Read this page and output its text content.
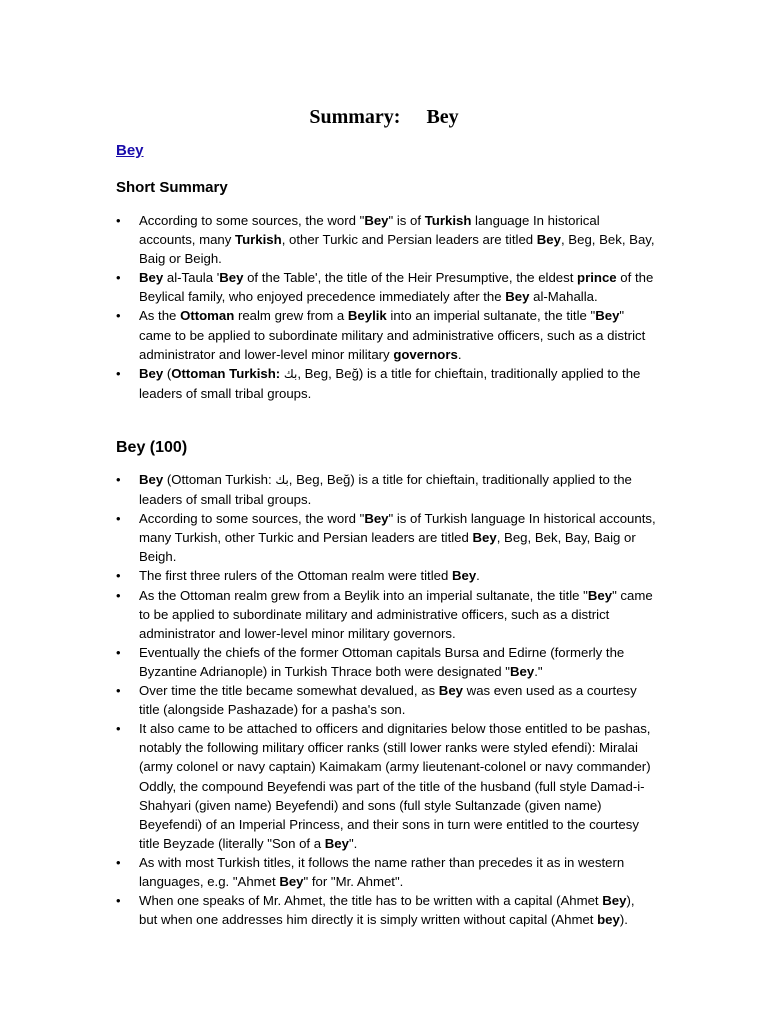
Summary: Bey
Bey
Short Summary
• According to some sources, the word "Bey" is of Turkish language In historical accounts, many Turkish, other Turkic and Persian leaders are titled Bey, Beg, Bek, Bay, Baig or Beigh.
• Bey al-Taula 'Bey of the Table', the title of the Heir Presumptive, the eldest prince of the Beylical family, who enjoyed precedence immediately after the Bey al-Mahalla.
• As the Ottoman realm grew from a Beylik into an imperial sultanate, the title "Bey" came to be applied to subordinate military and administrative officers, such as a district administrator and lower-level minor military governors.
• Bey (Ottoman Turkish: بك, Beg, Beğ) is a title for chieftain, traditionally applied to the leaders of small tribal groups.
Bey (100)
• Bey (Ottoman Turkish: بك, Beg, Beğ) is a title for chieftain, traditionally applied to the leaders of small tribal groups.
• According to some sources, the word "Bey" is of Turkish language In historical accounts, many Turkish, other Turkic and Persian leaders are titled Bey, Beg, Bek, Bay, Baig or Beigh.
• The first three rulers of the Ottoman realm were titled Bey.
• As the Ottoman realm grew from a Beylik into an imperial sultanate, the title "Bey" came to be applied to subordinate military and administrative officers, such as a district administrator and lower-level minor military governors.
• Eventually the chiefs of the former Ottoman capitals Bursa and Edirne (formerly the Byzantine Adrianople) in Turkish Thrace both were designated "Bey."
• Over time the title became somewhat devalued, as Bey was even used as a courtesy title (alongside Pashazade) for a pasha's son.
• It also came to be attached to officers and dignitaries below those entitled to be pashas, notably the following military officer ranks (still lower ranks were styled efendi): Miralai (army colonel or navy captain) Kaimakam (army lieutenant-colonel or navy commander) Oddly, the compound Beyefendi was part of the title of the husband (full style Damad-i-Shahyari (given name) Beyefendi) and sons (full style Sultanzade (given name) Beyefendi) of an Imperial Princess, and their sons in turn were entitled to the courtesy title Beyzade (literally "Son of a Bey".
• As with most Turkish titles, it follows the name rather than precedes it as in western languages, e.g. "Ahmet Bey" for "Mr. Ahmet".
• When one speaks of Mr. Ahmet, the title has to be written with a capital (Ahmet Bey), but when one addresses him directly it is simply written without capital (Ahmet bey).
